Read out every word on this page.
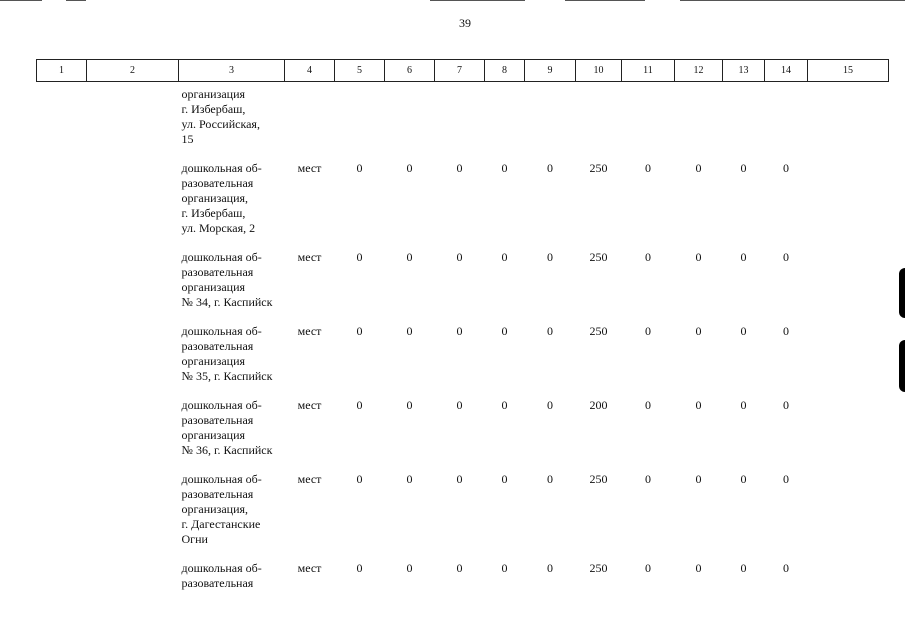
39
1	2	3	4	5	6	7	8	9	10	11	12	13	14	15
		организация
г. Избербаш,
ул. Российская,
15												
		дошкольная об-
разовательная
организация,
г. Избербаш,
ул. Морская, 2	мест	0	0	0	0	0	250	0	0	0	0	
		дошкольная об-
разовательная
организация
№ 34, г. Каспийск	мест	0	0	0	0	0	250	0	0	0	0	
		дошкольная об-
разовательная
организация
№ 35, г. Каспийск	мест	0	0	0	0	0	250	0	0	0	0	
		дошкольная об-
разовательная
организация
№ 36, г. Каспийск	мест	0	0	0	0	0	200	0	0	0	0	
		дошкольная об-
разовательная
организация,
г. Дагестанские
Огни	мест	0	0	0	0	0	250	0	0	0	0	
		дошкольная об-
разовательная	мест	0	0	0	0	0	250	0	0	0	0	
